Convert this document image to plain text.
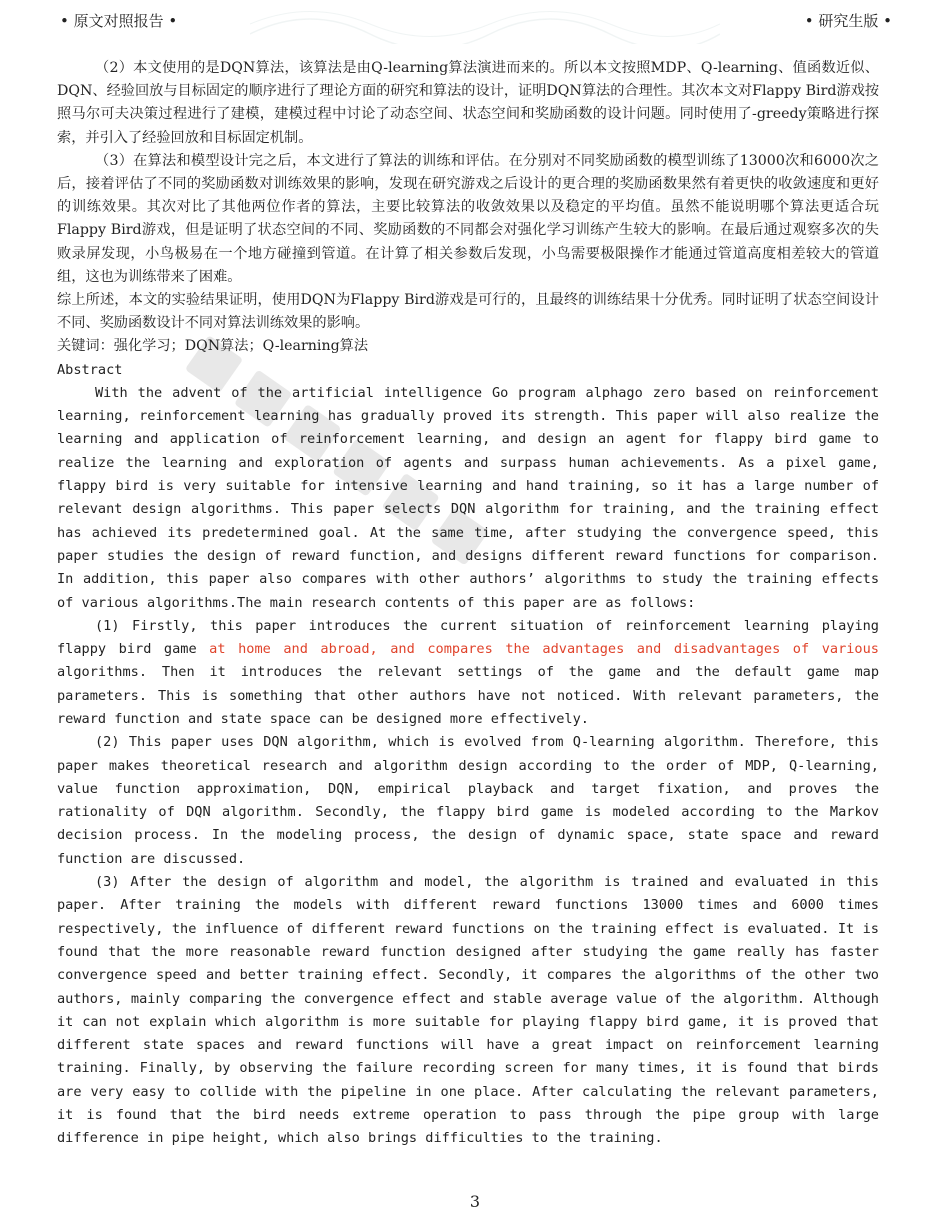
• 原文对照报告 •	• 研究生版 •

（2）本文使用的是DQN算法，该算法是由Q-learning算法演进而来的。所以本文按照MDP、Q-learning、值函数近似、DQN、经验回放与目标固定的顺序进行了理论方面的研究和算法的设计，证明DQN算法的合理性。其次本文对Flappy Bird游戏按照马尔可夫决策过程进行了建模，建模过程中讨论了动态空间、状态空间和奖励函数的设计问题。同时使用了-greedy策略进行探索，并引入了经验回放和目标固定机制。

（3）在算法和模型设计完之后，本文进行了算法的训练和评估。在分别对不同奖励函数的模型训练了13000次和6000次之后，接着评估了不同的奖励函数对训练效果的影响，发现在研究游戏之后设计的更合理的奖励函数果然有着更快的收敛速度和更好的训练效果。其次对比了其他两位作者的算法，主要比较算法的收敛效果以及稳定的平均值。虽然不能说明哪个算法更适合玩Flappy Bird游戏，但是证明了状态空间的不同、奖励函数的不同都会对强化学习训练产生较大的影响。在最后通过观察多次的失败录屏发现，小鸟极易在一个地方碰撞到管道。在计算了相关参数后发现，小鸟需要极限操作才能通过管道高度相差较大的管道组，这也为训练带来了困难。

综上所述，本文的实验结果证明，使用DQN为Flappy Bird游戏是可行的，且最终的训练结果十分优秀。同时证明了状态空间设计不同、奖励函数设计不同对算法训练效果的影响。

关键词：强化学习；DQN算法；Q-learning算法

Abstract

With the advent of the artificial intelligence Go program alphago zero based on reinforcement learning, reinforcement learning has gradually proved its strength. This paper will also realize the learning and application of reinforcement learning, and design an agent for flappy bird game to realize the learning and exploration of agents and surpass human achievements. As a pixel game, flappy bird is very suitable for intensive learning and hand training, so it has a large number of relevant design algorithms. This paper selects DQN algorithm for training, and the training effect has achieved its predetermined goal. At the same time, after studying the convergence speed, this paper studies the design of reward function, and designs different reward functions for comparison. In addition, this paper also compares with other authors’ algorithms to study the training effects of various algorithms.The main research contents of this paper are as follows:

(1) Firstly, this paper introduces the current situation of reinforcement learning playing flappy bird game at home and abroad, and compares the advantages and disadvantages of various algorithms. Then it introduces the relevant settings of the game and the default game map parameters. This is something that other authors have not noticed. With relevant parameters, the reward function and state space can be designed more effectively.

(2) This paper uses DQN algorithm, which is evolved from Q-learning algorithm. Therefore, this paper makes theoretical research and algorithm design according to the order of MDP, Q-learning, value function approximation, DQN, empirical playback and target fixation, and proves the rationality of DQN algorithm. Secondly, the flappy bird game is modeled according to the Markov decision process. In the modeling process, the design of dynamic space, state space and reward function are discussed.

(3) After the design of algorithm and model, the algorithm is trained and evaluated in this paper. After training the models with different reward functions 13000 times and 6000 times respectively, the influence of different reward functions on the training effect is evaluated. It is found that the more reasonable reward function designed after studying the game really has faster convergence speed and better training effect. Secondly, it compares the algorithms of the other two authors, mainly comparing the convergence effect and stable average value of the algorithm. Although it can not explain which algorithm is more suitable for playing flappy bird game, it is proved that different state spaces and reward functions will have a great impact on reinforcement learning training. Finally, by observing the failure recording screen for many times, it is found that birds are very easy to collide with the pipeline in one place. After calculating the relevant parameters, it is found that the bird needs extreme operation to pass through the pipe group with large difference in pipe height, which also brings difficulties to the training.

3
